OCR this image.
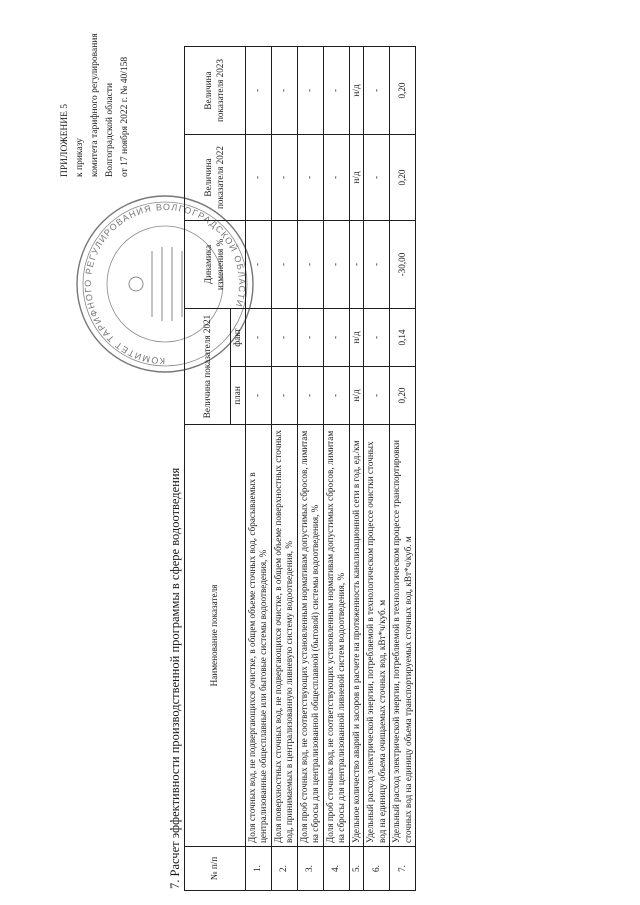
ПРИЛОЖЕНИЕ 5 к приказу комитета тарифного регулирования Волгоградской области от 17 ноября 2022 г. № 40/158
КОМИТЕТ ТАРИФНОГО РЕГУЛИРОВАНИЯ ВОЛГОГРАДСКОЙ ОБЛАСТИ
7. Расчет эффективности производственной программы в сфере водоотведения	№ п/п	Наименование показателя	Величина показателя 2021		Динамика изменения %	Величина показателя 2022	Величина показателя 2023
		план	факт			
1.	Доля сточных вод, не подвергающихся очистке, в общем объеме сточных вод, сбрасываемых в централизованные общесплавные или бытовые системы водоотведения, %	-	-	-	-	-
2.	Доля поверхностных сточных вод, не подвергающихся очистке, в общем объеме поверхностных сточных вод, принимаемых в централизованную ливневую систему водоотведения, %	-	-	-	-	-
3.	Доля проб сточных вод, не соответствующих установленным нормативам допустимых сбросов, лимитам на сбросы для централизованной общесплавной (бытовой) системы водоотведения, %	-	-	-	-	-
4.	Доля проб сточных вод, не соответствующих установленным нормативам допустимых сбросов, лимитам на сбросы для централизованной ливневой систем водоотведения, %	-	-	-	-	-
5.	Удельное количество аварий и засоров в расчете на протяженность канализационной сети в год, ед./км	н/д	н/д	-	н/д	н/д
6.	Удельный расход электрической энергии, потребляемой в технологическом процессе очистки сточных вод на единицу объема очищаемых сточных вод, кВт*ч/куб. м	-	-	-	-	-
7.	Удельный расход электрической энергии, потребляемой в технологическом процессе транспортировки сточных вод на единицу объема транспортируемых сточных вод, кВт*ч/куб. м	0,20	0,14	-30,00	0,20	0,20
